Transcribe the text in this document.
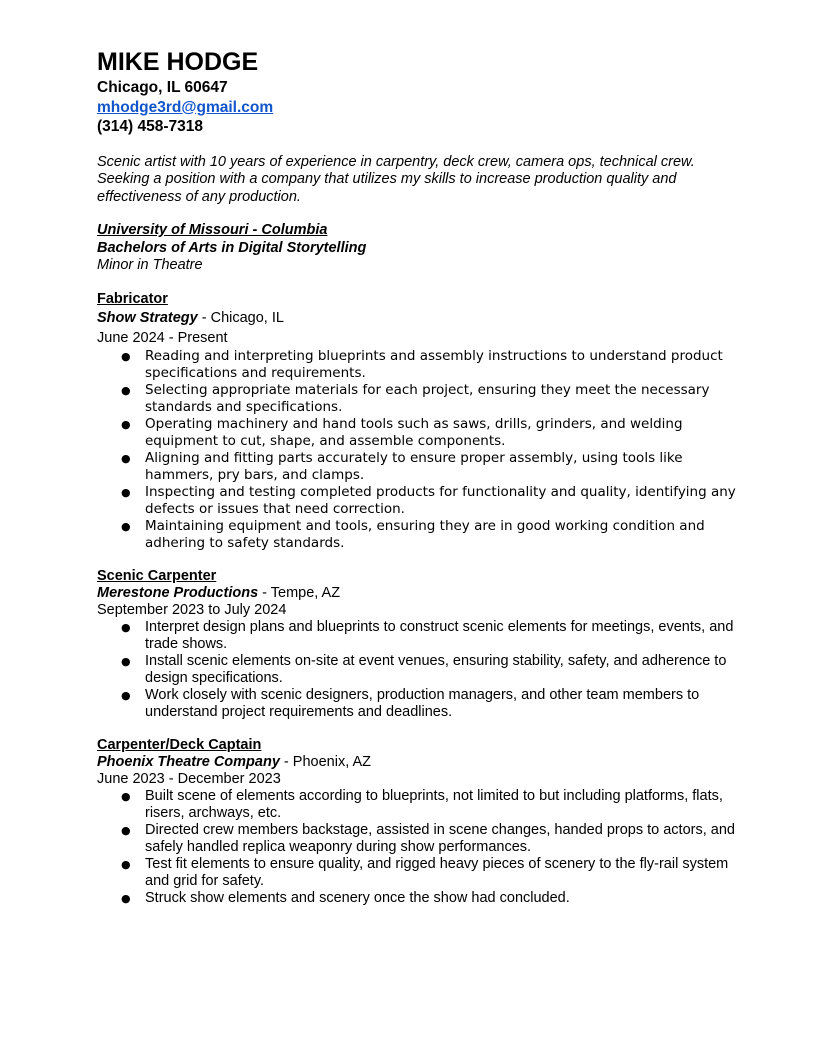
MIKE HODGE
Chicago, IL 60647
mhodge3rd@gmail.com
(314) 458-7318
Scenic artist with 10 years of experience in carpentry, deck crew, camera ops, technical crew. Seeking a position with a company that utilizes my skills to increase production quality and effectiveness of any production.
University of Missouri - Columbia
Bachelors of Arts in Digital Storytelling
Minor in Theatre
Fabricator
Show Strategy - Chicago, IL
June 2024 - Present
● Reading and interpreting blueprints and assembly instructions to understand product specifications and requirements.
● Selecting appropriate materials for each project, ensuring they meet the necessary standards and specifications.
● Operating machinery and hand tools such as saws, drills, grinders, and welding equipment to cut, shape, and assemble components.
● Aligning and fitting parts accurately to ensure proper assembly, using tools like hammers, pry bars, and clamps.
● Inspecting and testing completed products for functionality and quality, identifying any defects or issues that need correction.
● Maintaining equipment and tools, ensuring they are in good working condition and adhering to safety standards.
Scenic Carpenter
Merestone Productions - Tempe, AZ
September 2023 to July 2024
● Interpret design plans and blueprints to construct scenic elements for meetings, events, and trade shows.
● Install scenic elements on-site at event venues, ensuring stability, safety, and adherence to design specifications.
● Work closely with scenic designers, production managers, and other team members to understand project requirements and deadlines.
Carpenter/Deck Captain
Phoenix Theatre Company - Phoenix, AZ
June 2023 - December 2023
● Built scene of elements according to blueprints, not limited to but including platforms, flats, risers, archways, etc.
● Directed crew members backstage, assisted in scene changes, handed props to actors, and safely handled replica weaponry during show performances.
● Test fit elements to ensure quality, and rigged heavy pieces of scenery to the fly-rail system and grid for safety.
● Struck show elements and scenery once the show had concluded.
